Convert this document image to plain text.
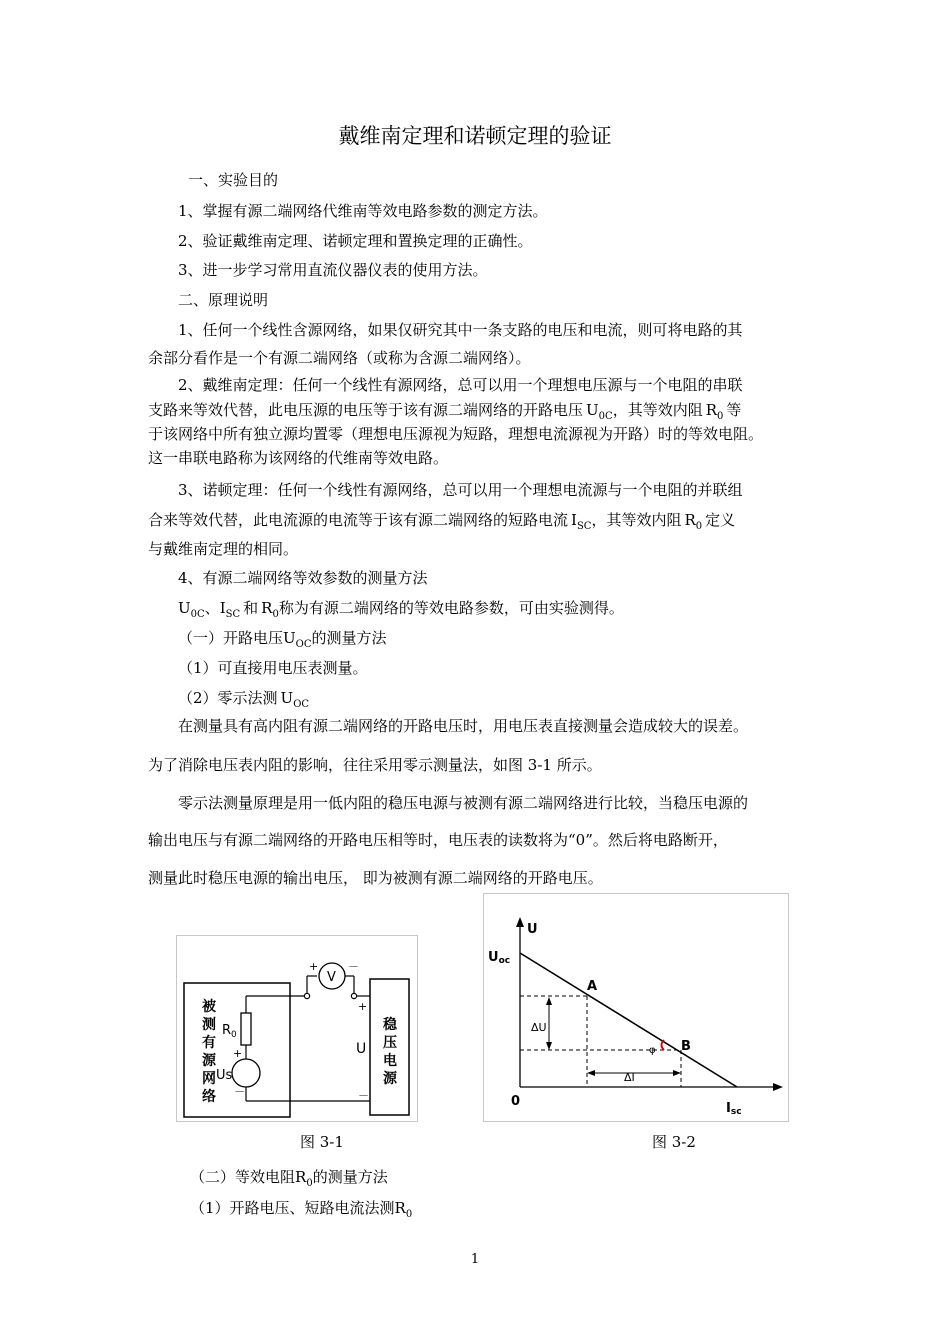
戴维南定理和诺顿定理的验证
一、实验目的
1、掌握有源二端网络代维南等效电路参数的测定方法。
2、验证戴维南定理、诺顿定理和置换定理的正确性。
3、进一步学习常用直流仪器仪表的使用方法。
二、原理说明
1、任何一个线性含源网络，如果仅研究其中一条支路的电压和电流，则可将电路的其
余部分看作是一个有源二端网络（或称为含源二端网络）。
2、戴维南定理：任何一个线性有源网络，总可以用一个理想电压源与一个电阻的串联
支路来等效代替，此电压源的电压等于该有源二端网络的开路电压 $U_{0C}$，其等效内阻 $R_0$ 等
于该网络中所有独立源均置零（理想电压源视为短路，理想电流源视为开路）时的等效电阻。
这一串联电路称为该网络的代维南等效电路。
3、诺顿定理：任何一个线性有源网络，总可以用一个理想电流源与一个电阻的并联组
合来等效代替，此电流源的电流等于该有源二端网络的短路电流 $I_{SC}$，其等效内阻 $R_0$ 定义
与戴维南定理的相同。
4、有源二端网络等效参数的测量方法
$U_{0C}$、$I_{SC}$ 和 $R_0$称为有源二端网络的等效电路参数，可由实验测得。
（一）开路电压$U_{OC}$的测量方法
（1）可直接用电压表测量。
（2）零示法测 $U_{OC}$
在测量具有高内阻有源二端网络的开路电压时，用电压表直接测量会造成较大的误差。
为了消除电压表内阻的影响，往往采用零示测量法，如图 3-1 所示。
零示法测量原理是用一低内阻的稳压电源与被测有源二端网络进行比较，当稳压电源的
输出电压与有源二端网络的开路电压相等时，电压表的读数将为“0”。然后将电路断开，
测量此时稳压电源的输出电压， 即为被测有源二端网络的开路电压。
被
测
有
源
网
络
$R_0$
+
Us
－
V
+	－
稳
压
电
源
+
U
－
U
Uoc
0	Isc
A
B
ΔU
ΔI
φ
图 3-1	图 3-2
（二）等效电阻$R_0$的测量方法
（1）开路电压、短路电流法测$R_0$
1
